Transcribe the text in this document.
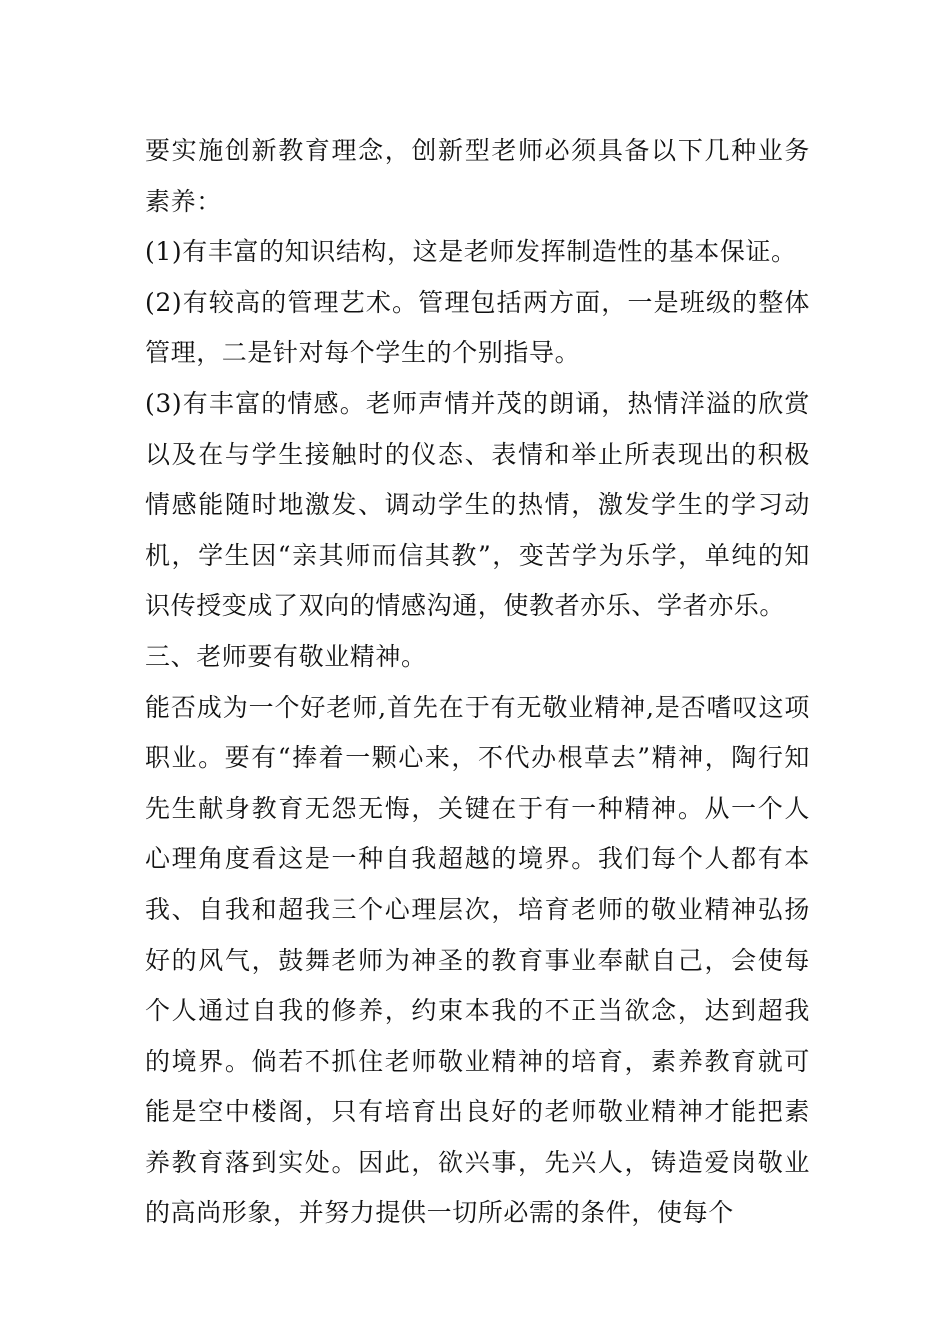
要实施创新教育理念，创新型老师必须具备以下几种业务素养：

(1)有丰富的知识结构，这是老师发挥制造性的基本保证。

(2)有较高的管理艺术。管理包括两方面，一是班级的整体管理，二是针对每个学生的个别指导。

(3)有丰富的情感。老师声情并茂的朗诵，热情洋溢的欣赏以及在与学生接触时的仪态、表情和举止所表现出的积极情感能随时地激发、调动学生的热情，激发学生的学习动机，学生因“亲其师而信其教”，变苦学为乐学，单纯的知识传授变成了双向的情感沟通，使教者亦乐、学者亦乐。

三、老师要有敬业精神。

能否成为一个好老师,首先在于有无敬业精神,是否嗜叹这项职业。要有“捧着一颗心来，不代办根草去”精神，陶行知先生献身教育无怨无悔，关键在于有一种精神。从一个人心理角度看这是一种自我超越的境界。我们每个人都有本我、自我和超我三个心理层次，培育老师的敬业精神弘扬好的风气，鼓舞老师为神圣的教育事业奉献自己，会使每个人通过自我的修养，约束本我的不正当欲念，达到超我的境界。倘若不抓住老师敬业精神的培育，素养教育就可能是空中楼阁，只有培育出良好的老师敬业精神才能把素养教育落到实处。因此，欲兴事，先兴人，铸造爱岗敬业的高尚形象，并努力提供一切所必需的条件，使每个
